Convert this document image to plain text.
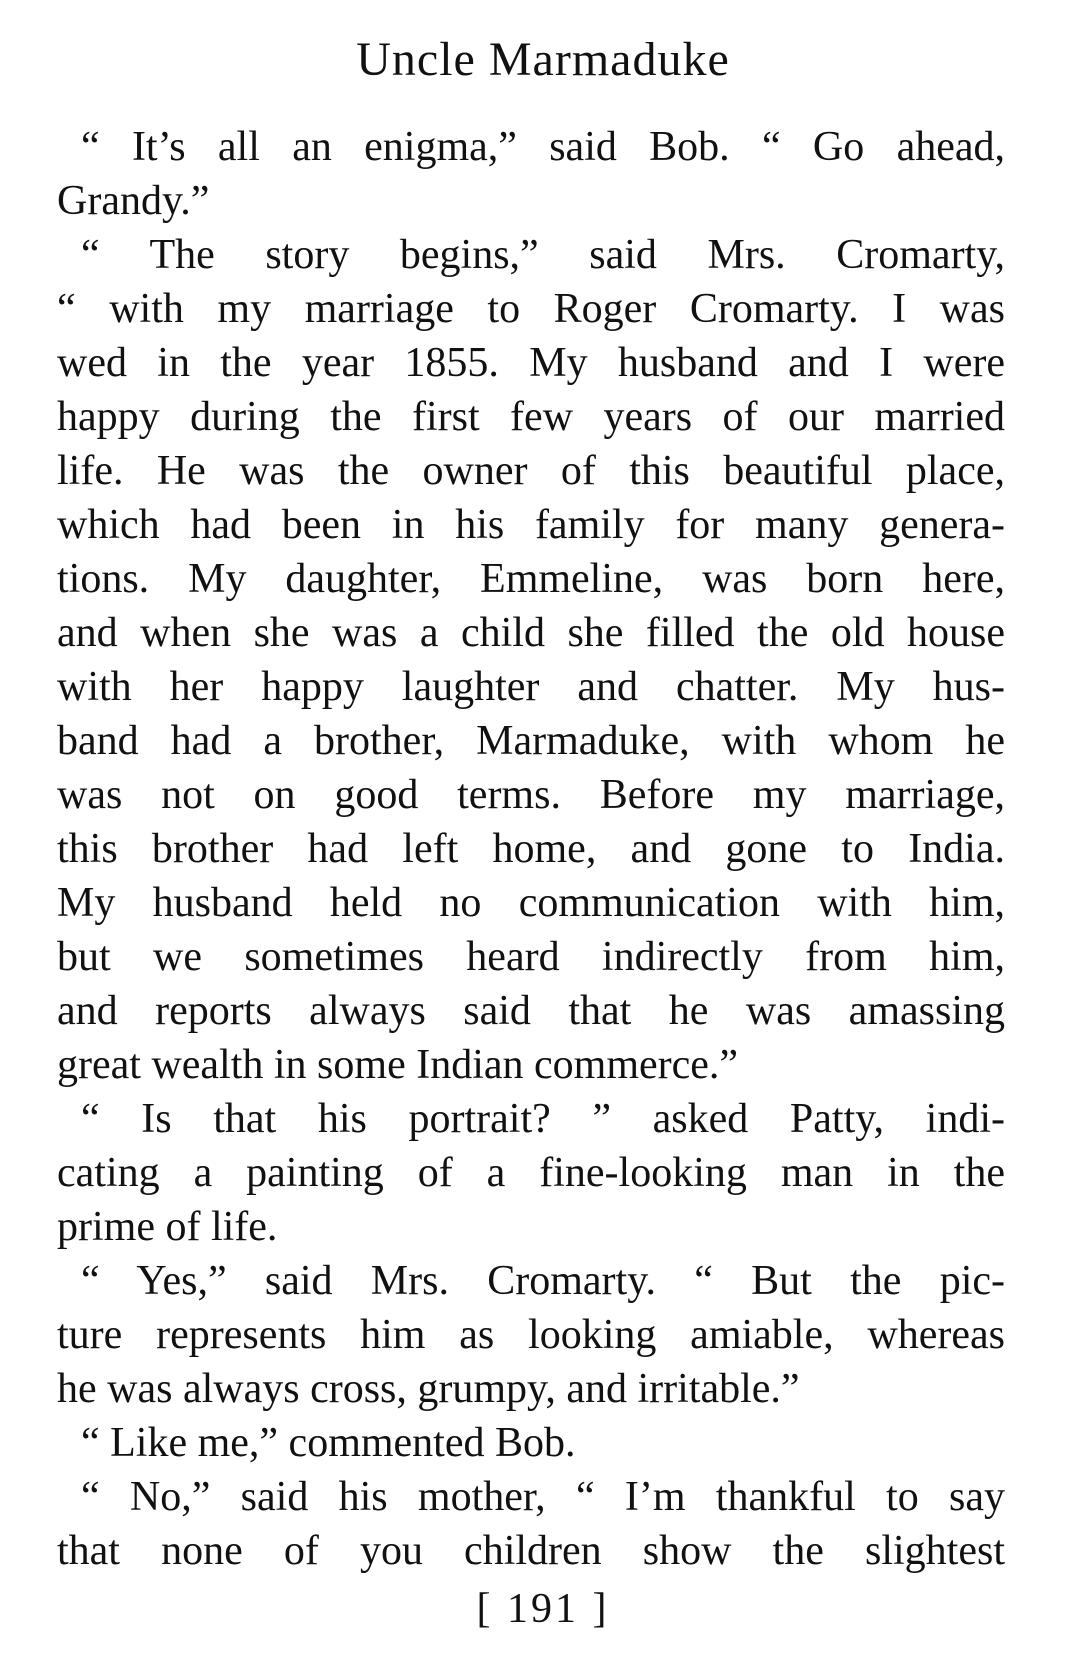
Uncle Marmaduke
“ It’s all an enigma,” said Bob. “ Go ahead,
Grandy.”
“ The story begins,” said Mrs. Cromarty,
“ with my marriage to Roger Cromarty. I was
wed in the year 1855. My husband and I were
happy during the first few years of our married
life. He was the owner of this beautiful place,
which had been in his family for many genera-
tions. My daughter, Emmeline, was born here,
and when she was a child she filled the old house
with her happy laughter and chatter. My hus-
band had a brother, Marmaduke, with whom he
was not on good terms. Before my marriage,
this brother had left home, and gone to India.
My husband held no communication with him,
but we sometimes heard indirectly from him,
and reports always said that he was amassing
great wealth in some Indian commerce.”
“ Is that his portrait? ” asked Patty, indi-
cating a painting of a fine-looking man in the
prime of life.
“ Yes,” said Mrs. Cromarty. “ But the pic-
ture represents him as looking amiable, whereas
he was always cross, grumpy, and irritable.”
“ Like me,” commented Bob.
“ No,” said his mother, “ I’m thankful to say
that none of you children show the slightest
[ 191 ]
